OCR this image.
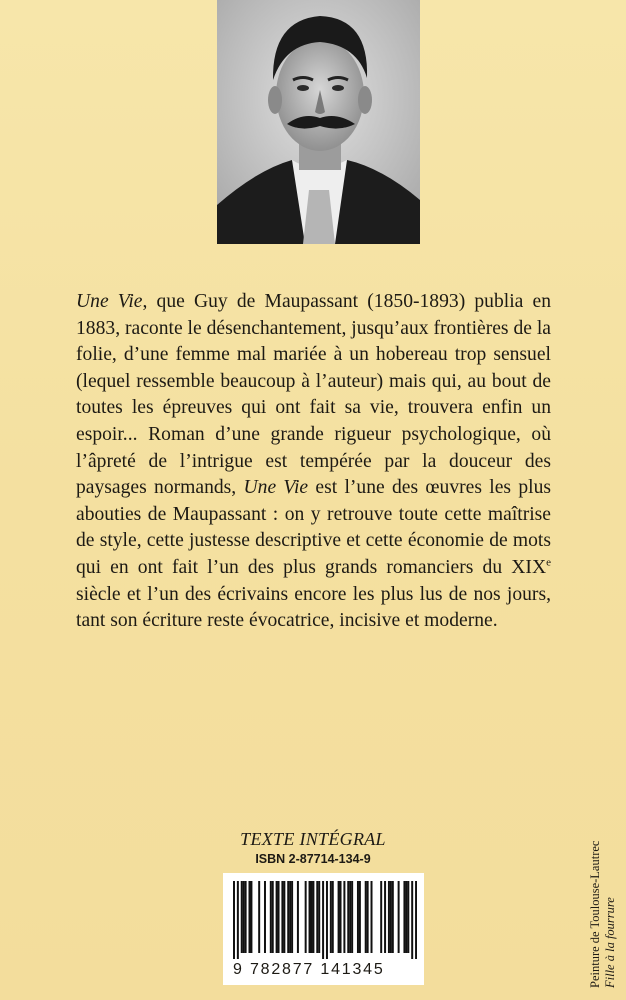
Une Vie, que Guy de Maupassant (1850-1893) publia en 1883, raconte le désenchantement, jusqu’aux frontières de la folie, d’une femme mal mariée à un hobereau trop sensuel (lequel ressemble beaucoup à l’auteur) mais qui, au bout de toutes les épreuves qui ont fait sa vie, trouvera enfin un espoir... Roman d’une grande rigueur psychologique, où l’âpreté de l’intrigue est tempérée par la douceur des paysages normands, Une Vie est l’une des œuvres les plus abouties de Maupassant : on y retrouve toute cette maîtrise de style, cette justesse descriptive et cette économie de mots qui en ont fait l’un des plus grands romanciers du XIXe siècle et l’un des écrivains encore les plus lus de nos jours, tant son écriture reste évocatrice, incisive et moderne.

TEXTE INTÉGRAL
ISBN 2-87714-134-9
9 782877 141345	Peinture de Toulouse-Lautrec Fille à la fourrure
